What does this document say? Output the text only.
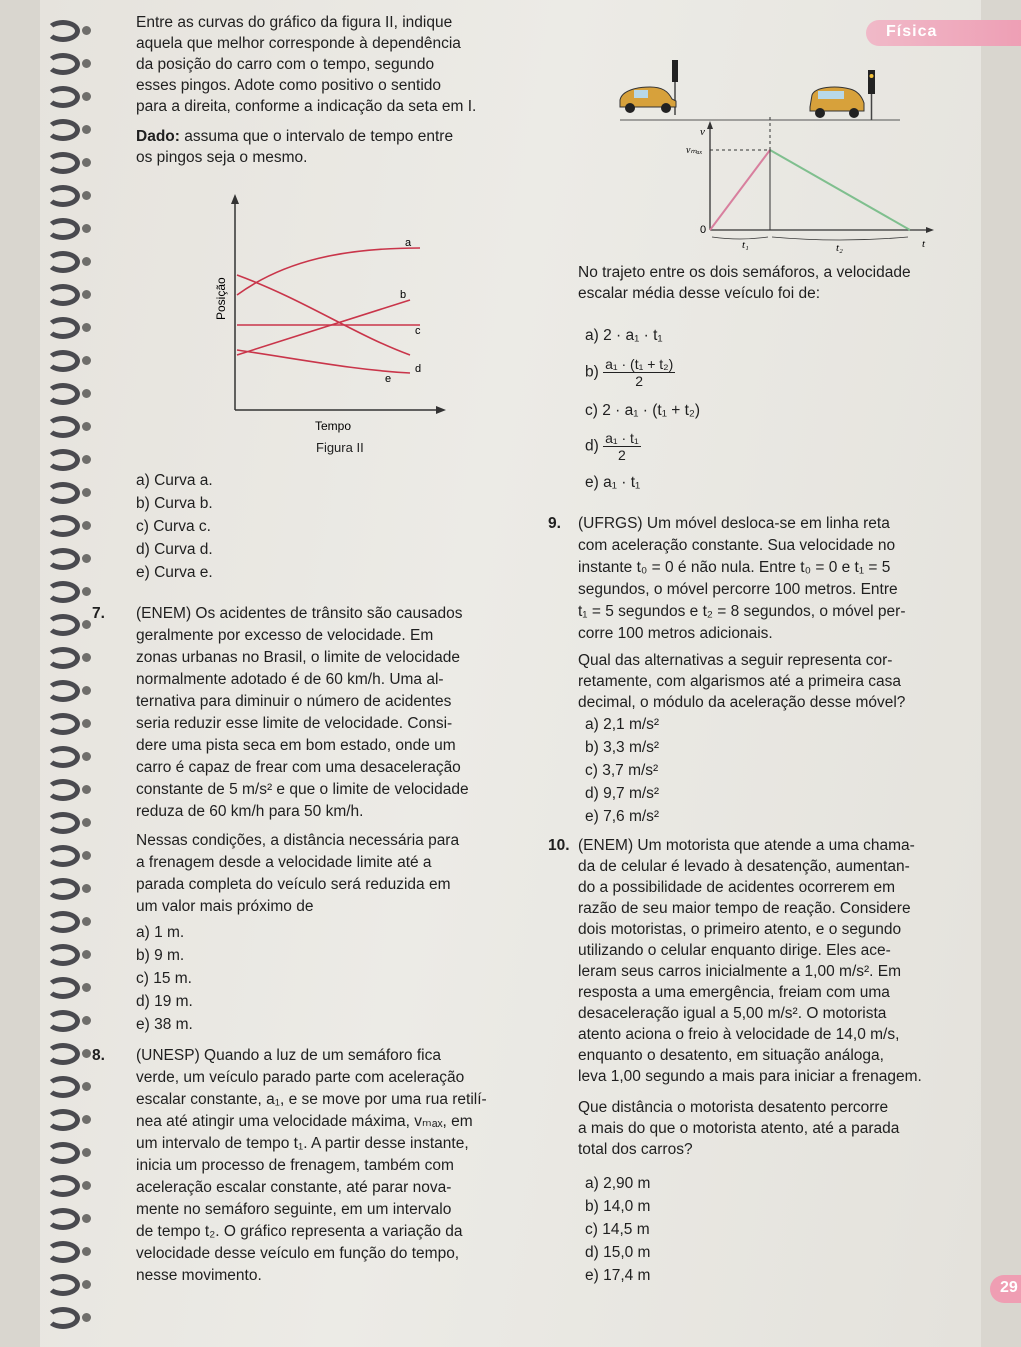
Física
Entre as curvas do gráfico da figura II, indique
aquela que melhor corresponde à dependência
da posição do carro com o tempo, segundo
esses pingos. Adote como positivo o sentido
para a direita, conforme a indicação da seta em I.
Dado: assuma que o intervalo de tempo entre
os pingos seja o mesmo.
a
b
c
d
e
Posição
Tempo
Figura II
a) Curva a.
b) Curva b.
c) Curva c.
d) Curva d.
e) Curva e.
7. (ENEM) Os acidentes de trânsito são causados
geralmente por excesso de velocidade. Em
zonas urbanas no Brasil, o limite de velocidade
normalmente adotado é de 60 km/h. Uma al-
ternativa para diminuir o número de acidentes
seria reduzir esse limite de velocidade. Consi-
dere uma pista seca em bom estado, onde um
carro é capaz de frear com uma desaceleração
constante de 5 m/s² e que o limite de velocidade
reduza de 60 km/h para 50 km/h.
Nessas condições, a distância necessária para
a frenagem desde a velocidade limite até a
parada completa do veículo será reduzida em
um valor mais próximo de
a) 1 m.
b) 9 m.
c) 15 m.
d) 19 m.
e) 38 m.
8. (UNESP) Quando a luz de um semáforo fica
verde, um veículo parado parte com aceleração
escalar constante, a₁, e se move por uma rua retilí-
nea até atingir uma velocidade máxima, vₘₐₓ, em
um intervalo de tempo t₁. A partir desse instante,
inicia um processo de frenagem, também com
aceleração escalar constante, até parar nova-
mente no semáforo seguinte, em um intervalo
de tempo t₂. O gráfico representa a variação da
velocidade desse veículo em função do tempo,
nesse movimento.
v
vₘₐₓ
0
t₁	t₂	t
No trajeto entre os dois semáforos, a velocidade
escalar média desse veículo foi de:
a) 2 · a₁ · t₁
$b) \frac{\text{a₁ · (t₁ + t₂)}}{2}$
c) 2 · a₁ · (t₁ + t₂)
$d) \frac{\text{a₁ · t₁}}{2}$
e) a₁ · t₁
9. (UFRGS) Um móvel desloca-se em linha reta
com aceleração constante. Sua velocidade no
instante t₀ = 0 é não nula. Entre t₀ = 0 e t₁ = 5
segundos, o móvel percorre 100 metros. Entre
t₁ = 5 segundos e t₂ = 8 segundos, o móvel per-
corre 100 metros adicionais.
Qual das alternativas a seguir representa cor-
retamente, com algarismos até a primeira casa
decimal, o módulo da aceleração desse móvel?
a) 2,1 m/s²
b) 3,3 m/s²
c) 3,7 m/s²
d) 9,7 m/s²
e) 7,6 m/s²
10. (ENEM) Um motorista que atende a uma chama-
da de celular é levado à desatenção, aumentan-
do a possibilidade de acidentes ocorrerem em
razão de seu maior tempo de reação. Considere
dois motoristas, o primeiro atento, e o segundo
utilizando o celular enquanto dirige. Eles ace-
leram seus carros inicialmente a 1,00 m/s². Em
resposta a uma emergência, freiam com uma
desaceleração igual a 5,00 m/s². O motorista
atento aciona o freio à velocidade de 14,0 m/s,
enquanto o desatento, em situação análoga,
leva 1,00 segundo a mais para iniciar a frenagem.
Que distância o motorista desatento percorre
a mais do que o motorista atento, até a parada
total dos carros?
a) 2,90 m
b) 14,0 m
c) 14,5 m
d) 15,0 m
e) 17,4 m
29
